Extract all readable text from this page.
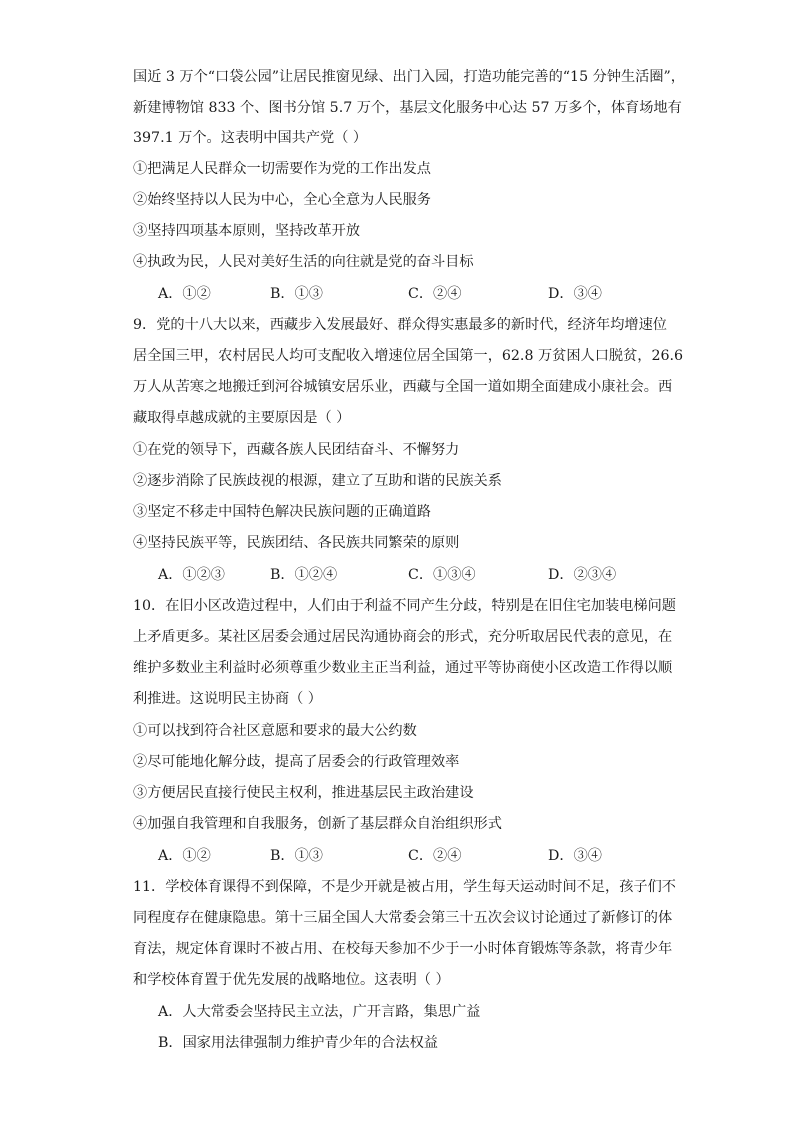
国近 3 万个“口袋公园”让居民推窗见绿、出门入园，打造功能完善的“15 分钟生活圈”，
新建博物馆 833 个、图书分馆 5.7 万个，基层文化服务中心达 57 万多个，体育场地有
397.1 万个。这表明中国共产党（ ）
①把满足人民群众一切需要作为党的工作出发点
②始终坚持以人民为中心，全心全意为人民服务
③坚持四项基本原则，坚持改革开放
④执政为民，人民对美好生活的向往就是党的奋斗目标
A．①②	B．①③	C．②④	D．③④
9．党的十八大以来，西藏步入发展最好、群众得实惠最多的新时代，经济年均增速位
居全国三甲，农村居民人均可支配收入增速位居全国第一，62.8 万贫困人口脱贫，26.6
万人从苦寒之地搬迁到河谷城镇安居乐业，西藏与全国一道如期全面建成小康社会。西
藏取得卓越成就的主要原因是（ ）
①在党的领导下，西藏各族人民团结奋斗、不懈努力
②逐步消除了民族歧视的根源，建立了互助和谐的民族关系
③坚定不移走中国特色解决民族问题的正确道路
④坚持民族平等，民族团结、各民族共同繁荣的原则
A．①②③	B．①②④	C．①③④	D．②③④
10．在旧小区改造过程中，人们由于利益不同产生分歧，特别是在旧住宅加装电梯问题
上矛盾更多。某社区居委会通过居民沟通协商会的形式，充分听取居民代表的意见，在
维护多数业主利益时必须尊重少数业主正当利益，通过平等协商使小区改造工作得以顺
利推进。这说明民主协商（ ）
①可以找到符合社区意愿和要求的最大公约数
②尽可能地化解分歧，提高了居委会的行政管理效率
③方便居民直接行使民主权利，推进基层民主政治建设
④加强自我管理和自我服务，创新了基层群众自治组织形式
A．①②	B．①③	C．②④	D．③④
11．学校体育课得不到保障，不是少开就是被占用，学生每天运动时间不足，孩子们不
同程度存在健康隐患。第十三届全国人大常委会第三十五次会议讨论通过了新修订的体
育法，规定体育课时不被占用、在校每天参加不少于一小时体育锻炼等条款，将青少年
和学校体育置于优先发展的战略地位。这表明（ ）
A．人大常委会坚持民主立法，广开言路，集思广益
B．国家用法律强制力维护青少年的合法权益
